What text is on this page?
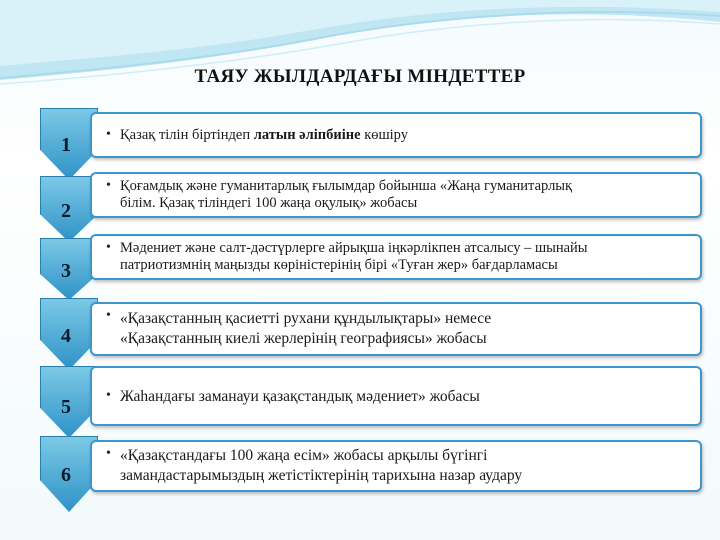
ТАЯУ ЖЫЛДАРДАҒЫ МІНДЕТТЕР
1	• Қазақ тілін біртіндеп латын әліпбиіне көшіру
2
• Қоғамдық және гуманитарлық ғылымдар бойынша «Жаңа гуманитарлық
білім. Қазақ тіліндегі 100 жаңа оқулық» жобасы
3
• Мәдениет және салт-дәстүрлерге айрықша іңкәрлікпен атсалысу – шынайы
патриотизмнің маңызды көріністерінің бірі «Туған жер» бағдарламасы
4
• «Қазақстанның қасиетті рухани құндылықтары» немесе
«Қазақстанның киелі жерлерінің географиясы» жобасы
5
• Жаһандағы заманауи қазақстандық мәдениет» жобасы
6
• «Қазақстандағы 100 жаңа есім» жобасы арқылы бүгінгі
замандастарымыздың жетістіктерінің тарихына назар аудару
